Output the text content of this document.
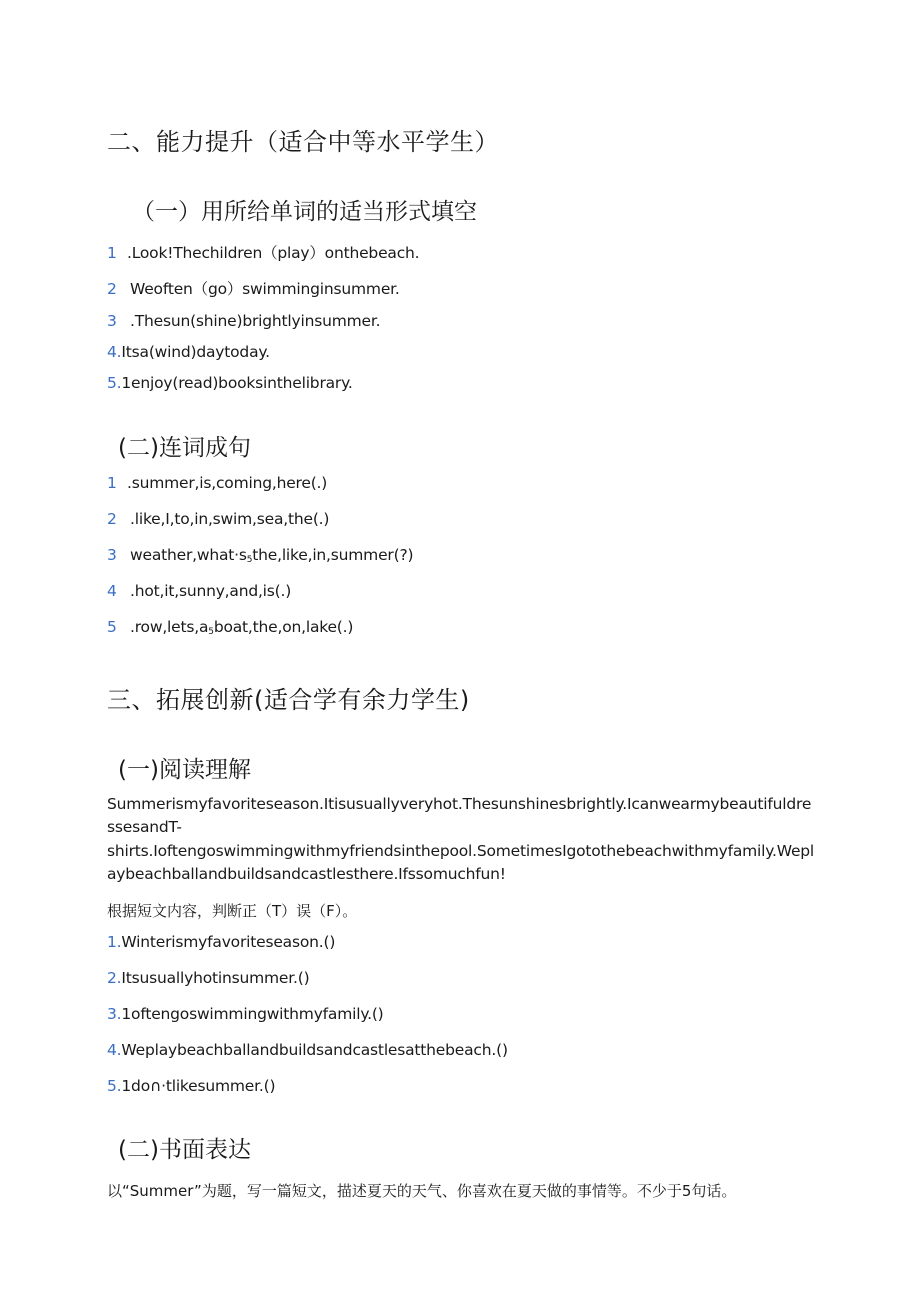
二、能力提升（适合中等水平学生）
（一）用所给单词的适当形式填空
1 .Look!Thechildren（play）onthebeach.
2 Weoften（go）swimminginsummer.
3 .Thesun(shine)brightlyinsummer.
4.Itsa(wind)daytoday.
5.1enjoy(read)booksinthelibrary.
(二)连词成句
1 .summer,is,coming,here(.)
2 .like,I,to,in,swim,sea,the(.)
3 $weather,what\cdot s_5the,like,in,summer(?)$
4 .hot,it,sunny,and,is(.)
5 $.row,lets,a_5boat,the,on,lake(.)$
三、拓展创新(适合学有余力学生)
(一)阅读理解
Summerismyfavoriteseason.Itisusuallyveryhot.Thesunshinesbrightly.Icanwearmybeautifuldre
ssesandT-
shirts.Ioftengoswimmingwithmyfriendsinthepool.SometimesIgotothebeachwithmyfamily.Wepl
aybeachballandbuildsandcastlesthere.Ifssomuchfun!
根据短文内容，判断正（T）误（F）。
1.Winterismyfavoriteseason.()
2.Itsusuallyhotinsummer.()
3.1oftengoswimmingwithmyfamily.()
4.Weplaybeachballandbuildsandcastlesatthebeach.()
5.1do∩·tlikesummer.()
(二)书面表达
以“Summer”为题，写一篇短文，描述夏天的天气、你喜欢在夏天做的事情等。不少于5句话。
